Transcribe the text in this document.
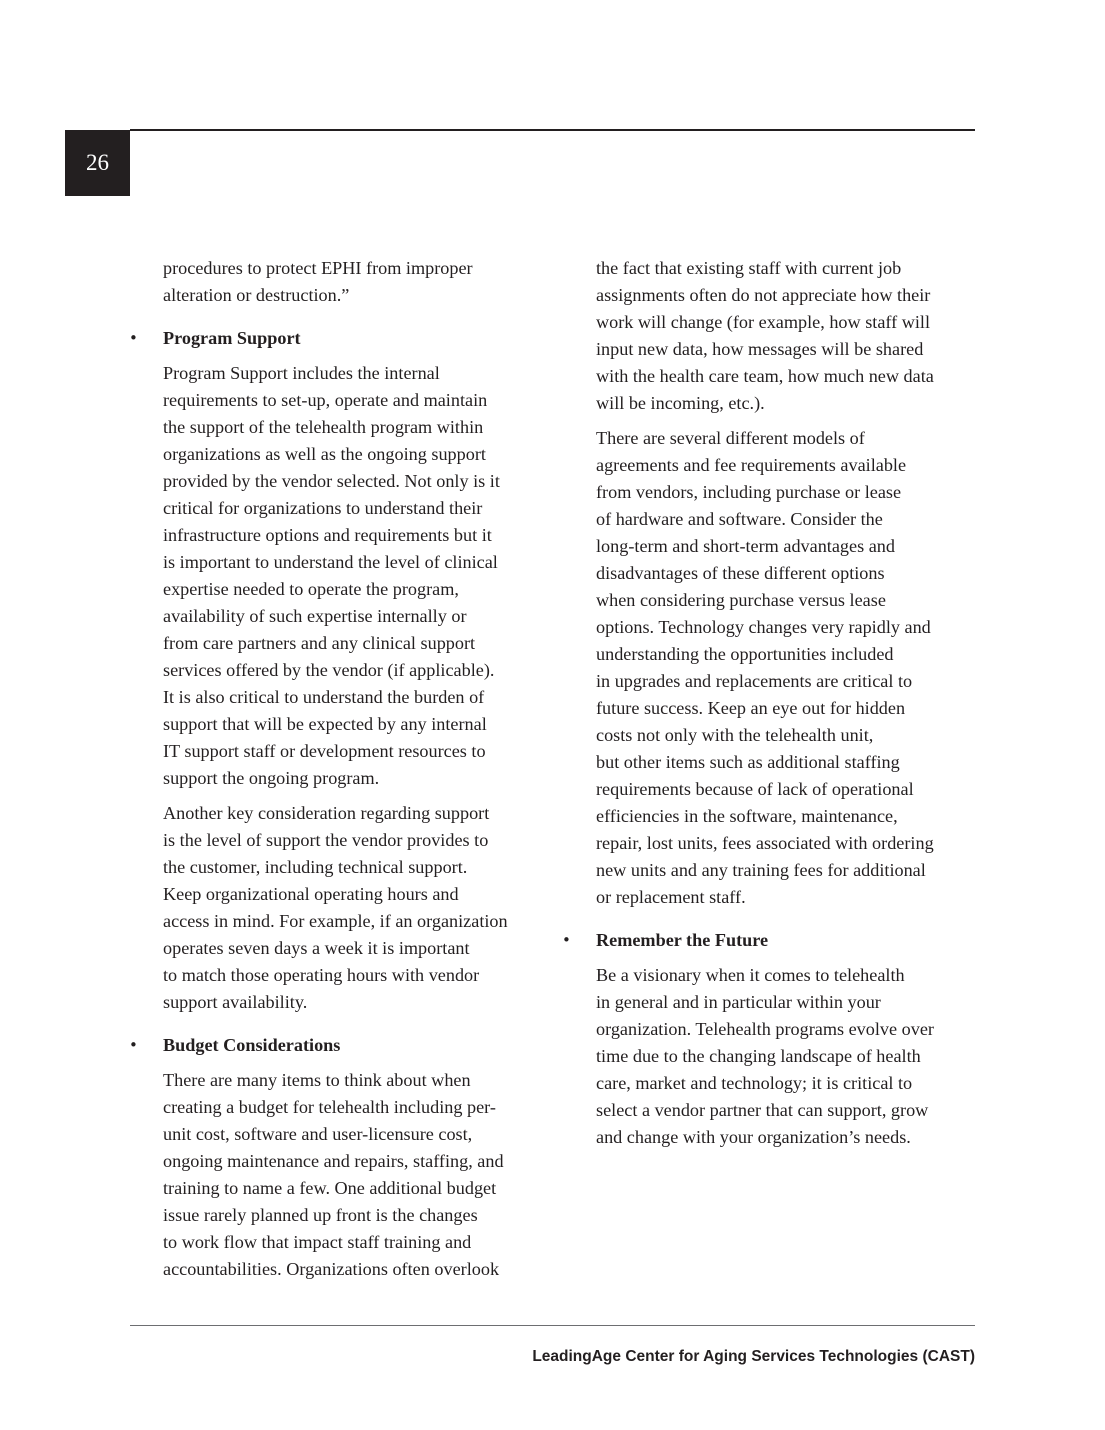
26

procedures to protect EPHI from improper
alteration or destruction.”

• Program Support

Program Support includes the internal
requirements to set-up, operate and maintain
the support of the telehealth program within
organizations as well as the ongoing support
provided by the vendor selected. Not only is it
critical for organizations to understand their
infrastructure options and requirements but it
is important to understand the level of clinical
expertise needed to operate the program,
availability of such expertise internally or
from care partners and any clinical support
services offered by the vendor (if applicable).
It is also critical to understand the burden of
support that will be expected by any internal
IT support staff or development resources to
support the ongoing program.

Another key consideration regarding support
is the level of support the vendor provides to
the customer, including technical support.
Keep organizational operating hours and
access in mind. For example, if an organization
operates seven days a week it is important
to match those operating hours with vendor
support availability.

• Budget Considerations

There are many items to think about when
creating a budget for telehealth including per-
unit cost, software and user-licensure cost,
ongoing maintenance and repairs, staffing, and
training to name a few. One additional budget
issue rarely planned up front is the changes
to work flow that impact staff training and
accountabilities. Organizations often overlook

the fact that existing staff with current job
assignments often do not appreciate how their
work will change (for example, how staff will
input new data, how messages will be shared
with the health care team, how much new data
will be incoming, etc.).

There are several different models of
agreements and fee requirements available
from vendors, including purchase or lease
of hardware and software. Consider the
long-term and short-term advantages and
disadvantages of these different options
when considering purchase versus lease
options. Technology changes very rapidly and
understanding the opportunities included
in upgrades and replacements are critical to
future success. Keep an eye out for hidden
costs not only with the telehealth unit,
but other items such as additional staffing
requirements because of lack of operational
efficiencies in the software, maintenance,
repair, lost units, fees associated with ordering
new units and any training fees for additional
or replacement staff.

• Remember the Future

Be a visionary when it comes to telehealth
in general and in particular within your
organization. Telehealth programs evolve over
time due to the changing landscape of health
care, market and technology; it is critical to
select a vendor partner that can support, grow
and change with your organization’s needs.

LeadingAge Center for Aging Services Technologies (CAST)
